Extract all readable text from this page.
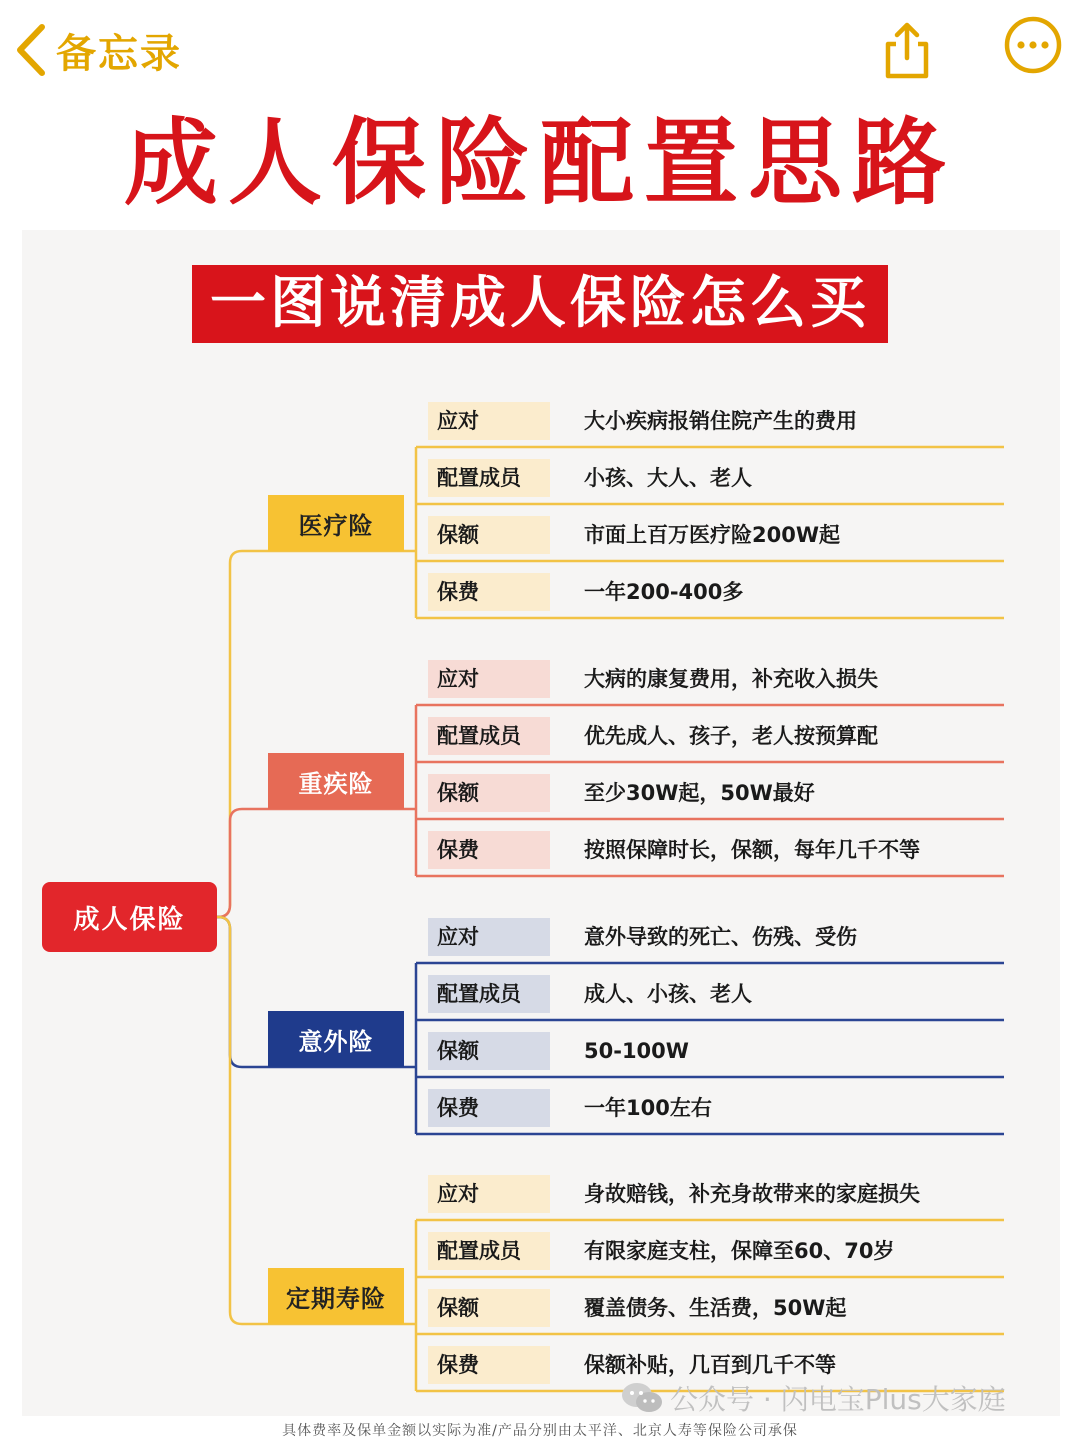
备忘录
成人保险配置思路
一图说清成人保险怎么买
成人保险
医疗险
应对	大小疾病报销住院产生的费用
配置成员	小孩、大人、老人
保额	市面上百万医疗险200W起
保费	一年200-400多
重疾险
应对	大病的康复费用，补充收入损失
配置成员	优先成人、孩子，老人按预算配
保额	至少30W起，50W最好
保费	按照保障时长，保额，每年几千不等
意外险
应对	意外导致的死亡、伤残、受伤
配置成员	成人、小孩、老人
保额	50-100W
保费	一年100左右
定期寿险
应对	身故赔钱，补充身故带来的家庭损失
配置成员	有限家庭支柱，保障至60、70岁
保额	覆盖债务、生活费，50W起
保费	保额补贴，几百到几千不等
公众号 · 闪电宝Plus大家庭
具体费率及保单金额以实际为准/产品分别由太平洋、北京人寿等保险公司承保
